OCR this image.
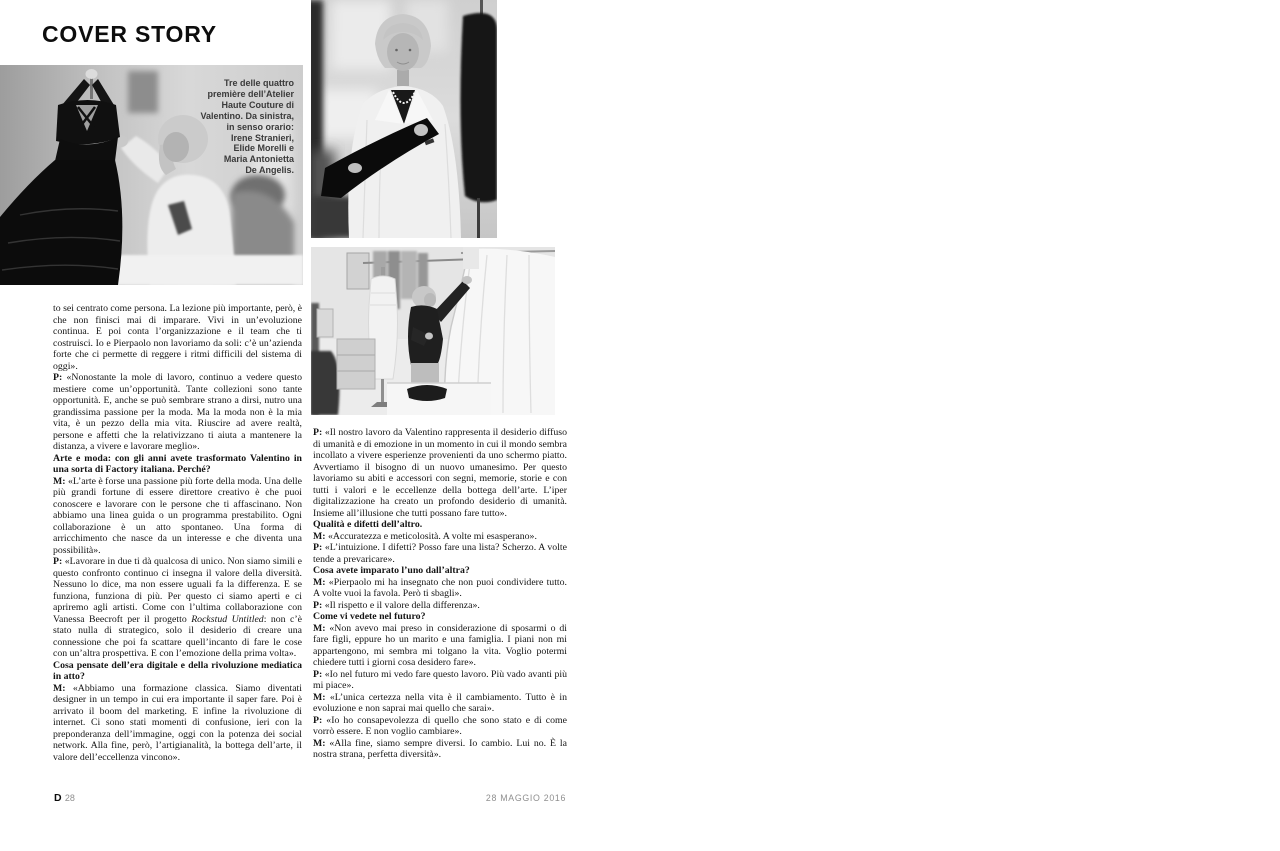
COVER STORY
Tre delle quattro
première dell’Atelier
Haute Couture di
Valentino. Da sinistra,
in senso orario:
Irene Stranieri,
Elide Morelli e
Maria Antonietta
De Angelis.

to sei centrato come persona. La lezione più importante, però, è che non finisci mai di imparare. Vivi in un’evoluzione continua. E poi conta l’organizzazione e il team che ti costruisci. Io e Pierpaolo non lavoriamo da soli: c’è un’azienda forte che ci permette di reggere i ritmi difficili del sistema di oggi».

P: «Nonostante la mole di lavoro, continuo a vedere questo mestiere come un’opportunità. Tante collezioni sono tante opportunità. E, anche se può sembrare strano a dirsi, nutro una grandissima passione per la moda. Ma la moda non è la mia vita, è un pezzo della mia vita. Riuscire ad avere realtà, persone e affetti che la relativizzano ti aiuta a mantenere la distanza, a vivere e lavorare meglio».

Arte e moda: con gli anni avete trasformato Valentino in una sorta di Factory italiana. Perché?

M: «L’arte è forse una passione più forte della moda. Una delle più grandi fortune di essere direttore creativo è che puoi conoscere e lavorare con le persone che ti affascinano. Non abbiamo una linea guida o un programma prestabilito. Ogni collaborazione è un atto spontaneo. Una forma di arricchimento che nasce da un interesse e che diventa una possibilità».

P: «Lavorare in due ti dà qualcosa di unico. Non siamo simili e questo confronto continuo ci insegna il valore della diversità. Nessuno lo dice, ma non essere uguali fa la differenza. E se funziona, funziona di più. Per questo ci siamo aperti e ci apriremo agli artisti. Come con l’ultima collaborazione con Vanessa Beecroft per il progetto Rockstud Untitled: non c’è stato nulla di strategico, solo il desiderio di creare una connessione che poi fa scattare quell’incanto di fare le cose con un’altra prospettiva. E con l’emozione della prima volta».

Cosa pensate dell’era digitale e della rivoluzione mediatica in atto?

M: «Abbiamo una formazione classica. Siamo diventati designer in un tempo in cui era importante il saper fare. Poi è arrivato il boom del marketing. E infine la rivoluzione di internet. Ci sono stati momenti di confusione, ieri con la preponderanza dell’immagine, oggi con la potenza dei social network. Alla fine, però, l’artigianalità, la bottega dell’arte, il valore dell’eccellenza vincono».

P: «Il nostro lavoro da Valentino rappresenta il desiderio diffuso di umanità e di emozione in un momento in cui il mondo sembra incollato a vivere esperienze provenienti da uno schermo piatto. Avvertiamo il bisogno di un nuovo umanesimo. Per questo lavoriamo su abiti e accessori con segni, memorie, storie e con tutti i valori e le eccellenze della bottega dell’arte. L’iper digitalizzazione ha creato un profondo desiderio di umanità. Insieme all’illusione che tutti possano fare tutto».

Qualità e difetti dell’altro.

M: «Accuratezza e meticolosità. A volte mi esasperano».

P: «L’intuizione. I difetti? Posso fare una lista? Scherzo. A volte tende a prevaricare».

Cosa avete imparato l’uno dall’altra?

M: «Pierpaolo mi ha insegnato che non puoi condividere tutto. A volte vuoi la favola. Però ti sbagli».

P: «Il rispetto e il valore della differenza».

Come vi vedete nel futuro?

M: «Non avevo mai preso in considerazione di sposarmi o di fare figli, eppure ho un marito e una famiglia. I piani non mi appartengono, mi sembra mi tolgano la vita. Voglio potermi chiedere tutti i giorni cosa desidero fare».

P: «Io nel futuro mi vedo fare questo lavoro. Più vado avanti più mi piace».

M: «L’unica certezza nella vita è il cambiamento. Tutto è in evoluzione e non saprai mai quello che sarai».

P: «Io ho consapevolezza di quello che sono stato e di come vorrò essere. E non voglio cambiare».

M: «Alla fine, siamo sempre diversi. Io cambio. Lui no. È la nostra strana, perfetta diversità».

D 28	28 MAGGIO 2016
